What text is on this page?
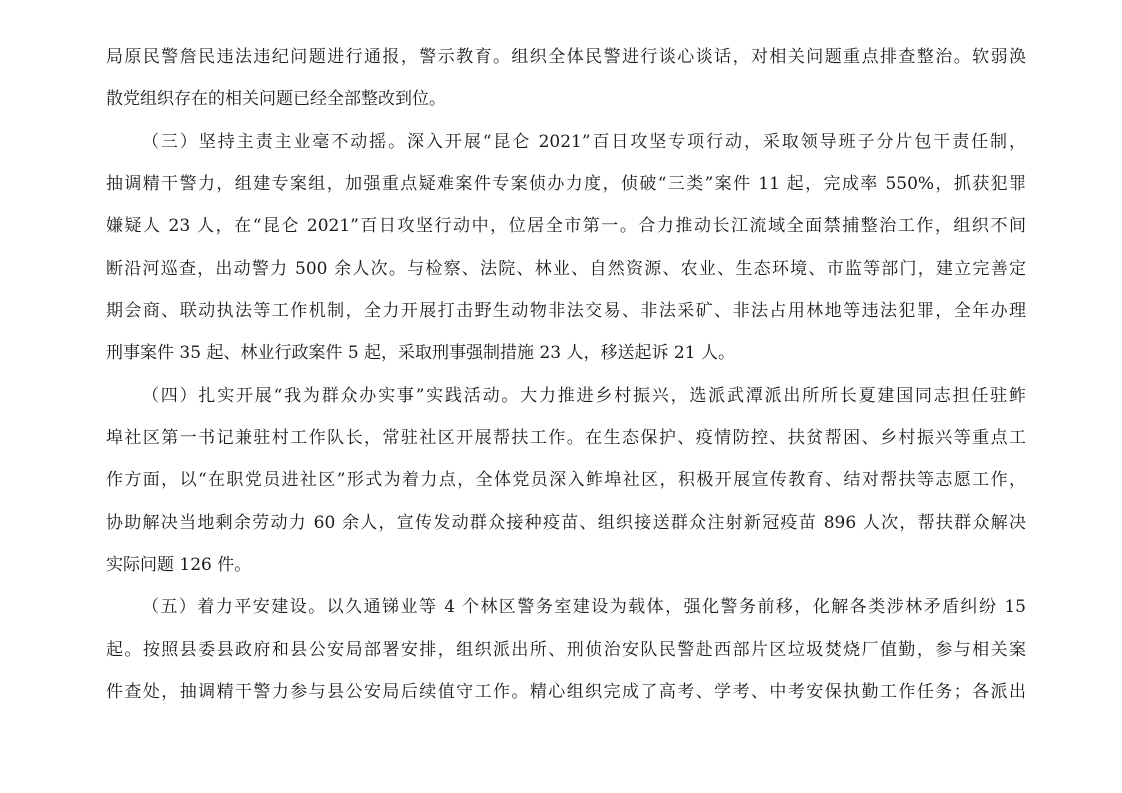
局原民警詹民违法违纪问题进行通报，警示教育。组织全体民警进行谈心谈话，对相关问题重点排查整治。软弱涣
散党组织存在的相关问题已经全部整改到位。
（三）坚持主责主业毫不动摇。深入开展“昆仑 2021”百日攻坚专项行动，采取领导班子分片包干责任制，
抽调精干警力，组建专案组，加强重点疑难案件专案侦办力度，侦破“三类”案件 11 起，完成率 550%，抓获犯罪
嫌疑人 23 人，在“昆仑 2021”百日攻坚行动中，位居全市第一。合力推动长江流域全面禁捕整治工作，组织不间
断沿河巡查，出动警力 500 余人次。与检察、法院、林业、自然资源、农业、生态环境、市监等部门，建立完善定
期会商、联动执法等工作机制，全力开展打击野生动物非法交易、非法采矿、非法占用林地等违法犯罪，全年办理
刑事案件 35 起、林业行政案件 5 起，采取刑事强制措施 23 人，移送起诉 21 人。
（四）扎实开展“我为群众办实事”实践活动。大力推进乡村振兴，选派武潭派出所所长夏建国同志担任驻鲊
埠社区第一书记兼驻村工作队长，常驻社区开展帮扶工作。在生态保护、疫情防控、扶贫帮困、乡村振兴等重点工
作方面，以“在职党员进社区”形式为着力点，全体党员深入鲊埠社区，积极开展宣传教育、结对帮扶等志愿工作，
协助解决当地剩余劳动力 60 余人，宣传发动群众接种疫苗、组织接送群众注射新冠疫苗 896 人次，帮扶群众解决
实际问题 126 件。
（五）着力平安建设。以久通锑业等 4 个林区警务室建设为载体，强化警务前移，化解各类涉林矛盾纠纷 15
起。按照县委县政府和县公安局部署安排，组织派出所、刑侦治安队民警赴西部片区垃圾焚烧厂值勤，参与相关案
件查处，抽调精干警力参与县公安局后续值守工作。精心组织完成了高考、学考、中考安保执勤工作任务；各派出
